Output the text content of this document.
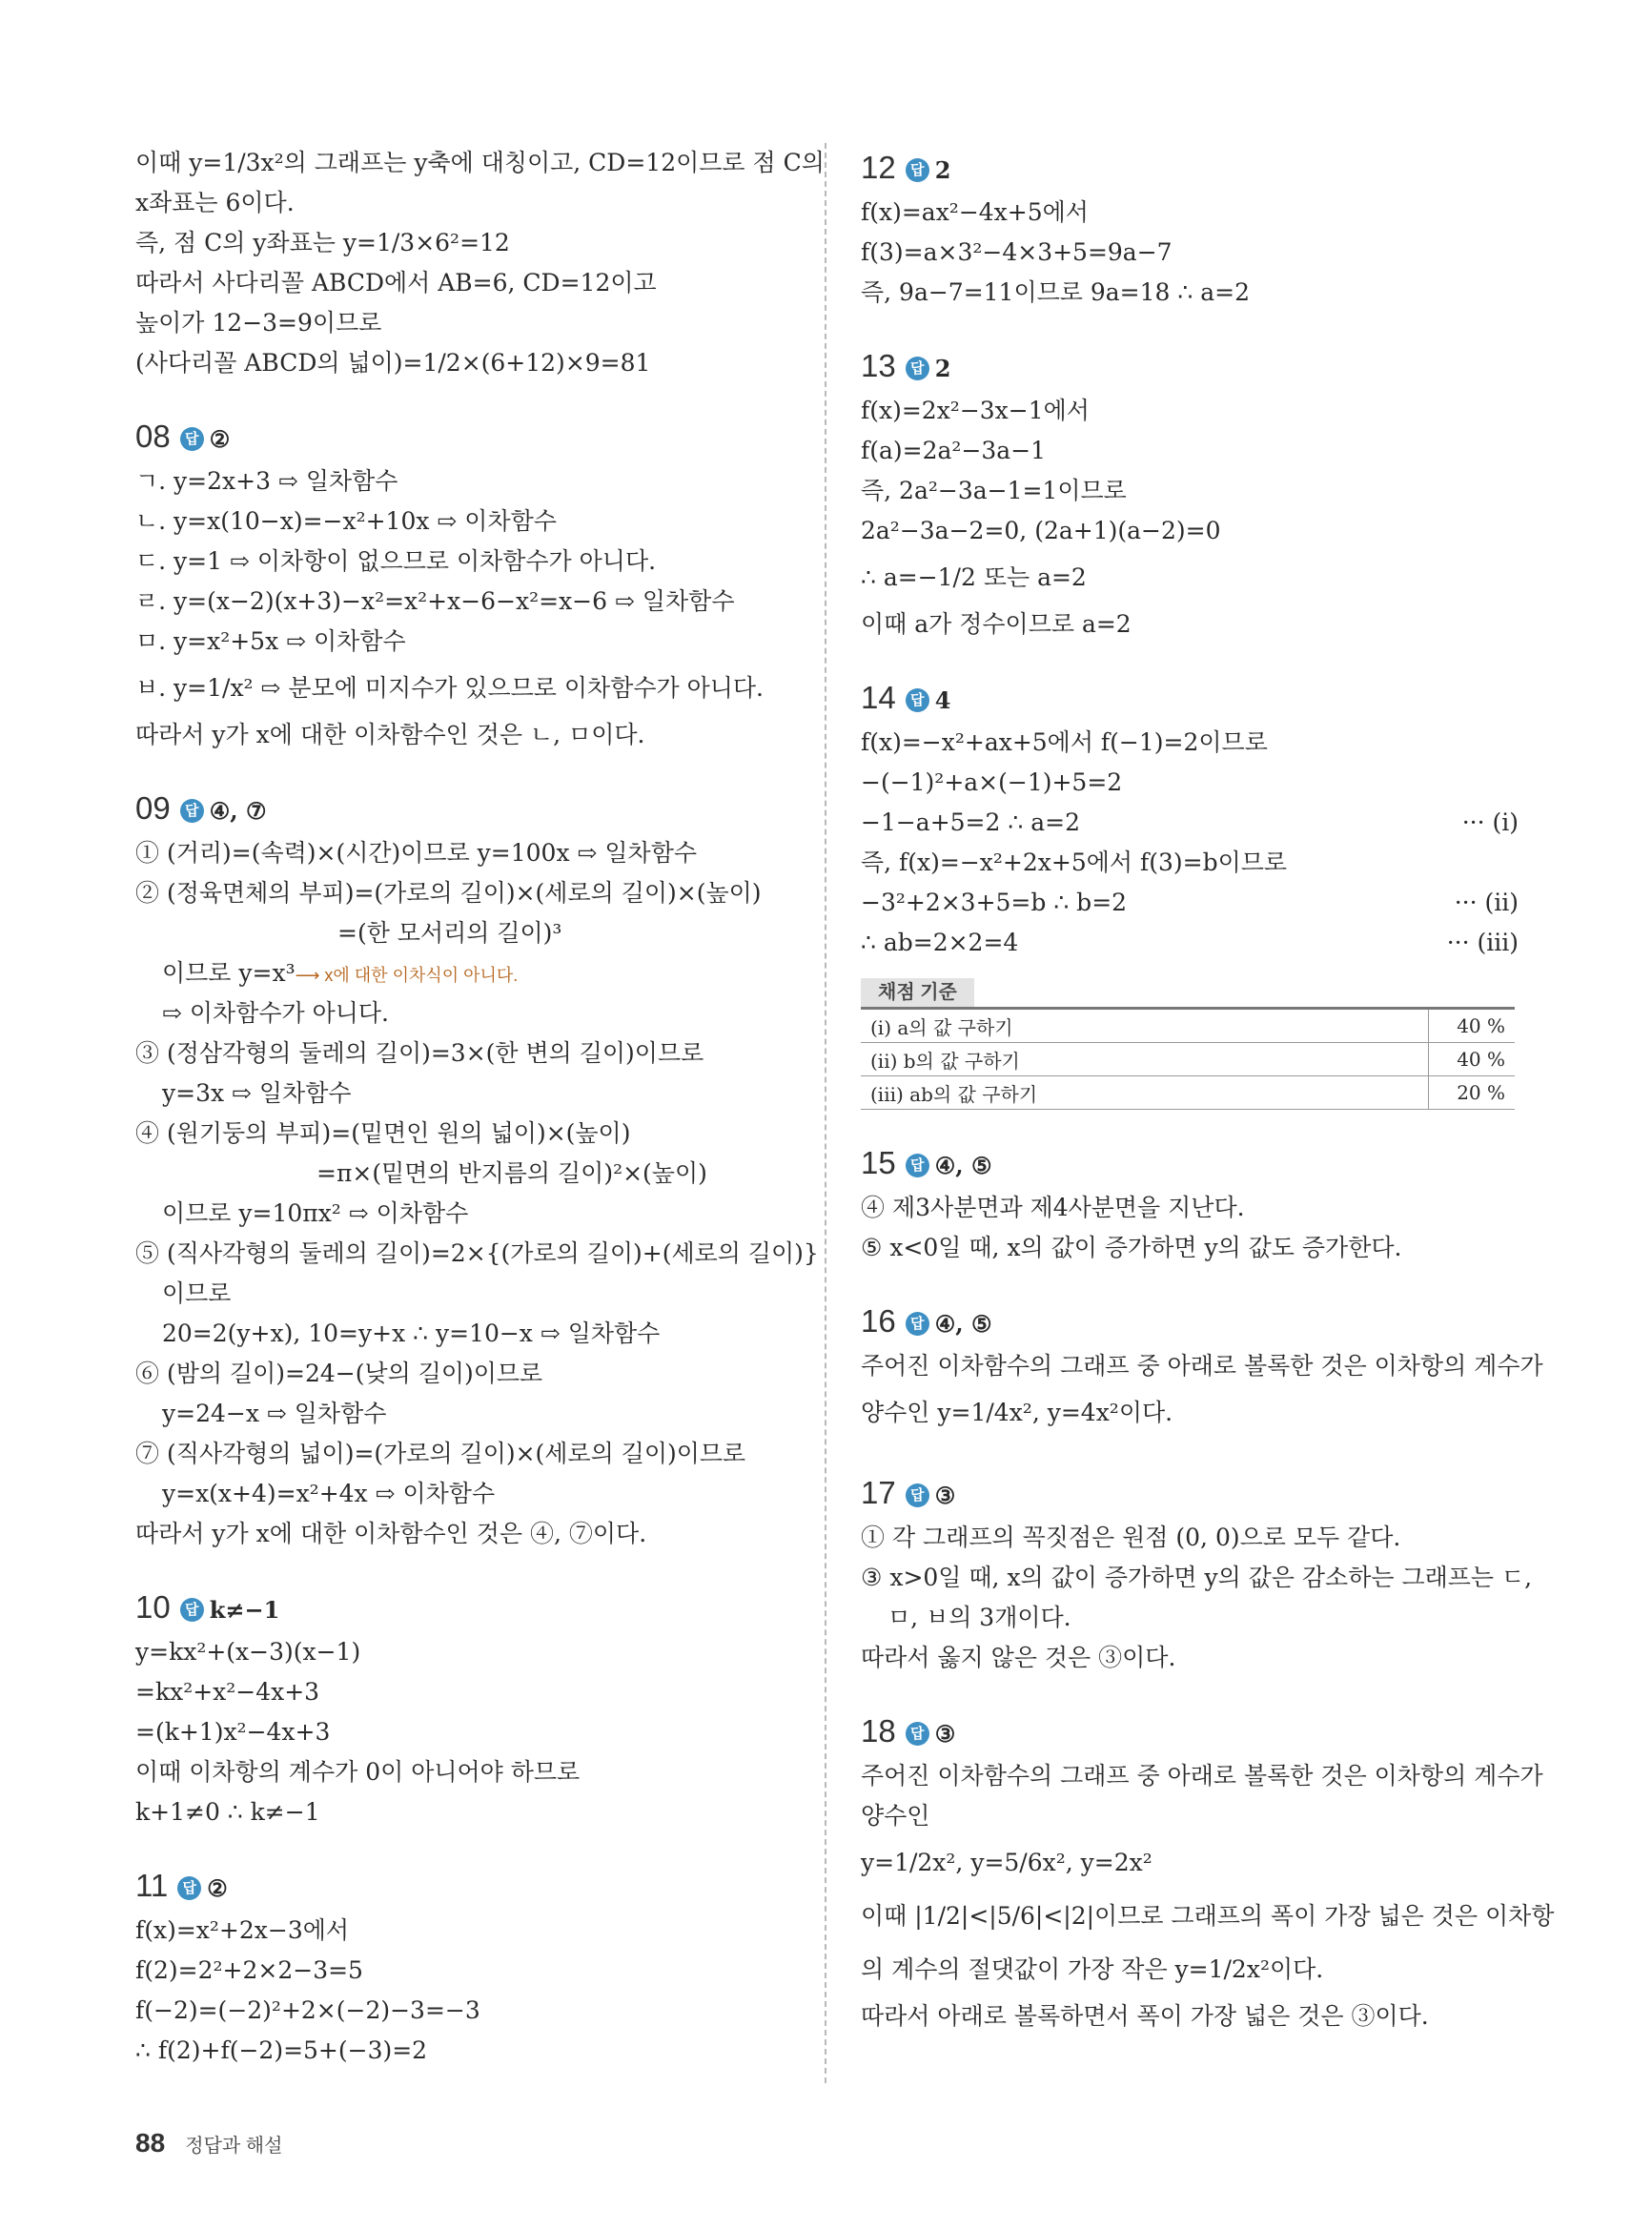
이때 y=1/3x²의 그래프는 y축에 대칭이고, CD=12이므로 점 C의
x좌표는 6이다.
즉, 점 C의 y좌표는 y=1/3×6²=12
따라서 사다리꼴 ABCD에서 AB=6, CD=12이고
높이가 12−3=9이므로
(사다리꼴 ABCD의 넓이)=1/2×(6+12)×9=81
08 답 ②
ㄱ. y=2x+3 ⇨ 일차함수
ㄴ. y=x(10−x)=−x²+10x ⇨ 이차함수
ㄷ. y=1 ⇨ 이차항이 없으므로 이차함수가 아니다.
ㄹ. y=(x−2)(x+3)−x²=x²+x−6−x²=x−6 ⇨ 일차함수
ㅁ. y=x²+5x ⇨ 이차함수
ㅂ. y=1/x² ⇨ 분모에 미지수가 있으므로 이차함수가 아니다.
따라서 y가 x에 대한 이차함수인 것은 ㄴ, ㅁ이다.
09 답 ④, ⑦
① (거리)=(속력)×(시간)이므로 y=100x ⇨ 일차함수
② (정육면체의 부피)=(가로의 길이)×(세로의 길이)×(높이)
=(한 모서리의 길이)³
이므로 y=x³⟶ x에 대한 이차식이 아니다.
⇨ 이차함수가 아니다.
③ (정삼각형의 둘레의 길이)=3×(한 변의 길이)이므로
y=3x ⇨ 일차함수
④ (원기둥의 부피)=(밑면인 원의 넓이)×(높이)
=π×(밑면의 반지름의 길이)²×(높이)
이므로 y=10πx² ⇨ 이차함수
⑤ (직사각형의 둘레의 길이)=2×{(가로의 길이)+(세로의 길이)}
이므로
20=2(y+x), 10=y+x ∴ y=10−x ⇨ 일차함수
⑥ (밤의 길이)=24−(낮의 길이)이므로
y=24−x ⇨ 일차함수
⑦ (직사각형의 넓이)=(가로의 길이)×(세로의 길이)이므로
y=x(x+4)=x²+4x ⇨ 이차함수
따라서 y가 x에 대한 이차함수인 것은 ④, ⑦이다.
10 답 k≠−1
y=kx²+(x−3)(x−1)
=kx²+x²−4x+3
=(k+1)x²−4x+3
이때 이차항의 계수가 0이 아니어야 하므로
k+1≠0 ∴ k≠−1
11 답 ②
f(x)=x²+2x−3에서
f(2)=2²+2×2−3=5
f(−2)=(−2)²+2×(−2)−3=−3
∴ f(2)+f(−2)=5+(−3)=2
12 답 2
f(x)=ax²−4x+5에서
f(3)=a×3²−4×3+5=9a−7
즉, 9a−7=11이므로 9a=18 ∴ a=2
13 답 2
f(x)=2x²−3x−1에서
f(a)=2a²−3a−1
즉, 2a²−3a−1=1이므로
2a²−3a−2=0, (2a+1)(a−2)=0
∴ a=−1/2 또는 a=2
이때 a가 정수이므로 a=2
14 답 4
f(x)=−x²+ax+5에서 f(−1)=2이므로
−(−1)²+a×(−1)+5=2
−1−a+5=2 ∴ a=2	··· (i)
즉, f(x)=−x²+2x+5에서 f(3)=b이므로
−3²+2×3+5=b ∴ b=2	··· (ii)
∴ ab=2×2=4	··· (iii)
채점 기준
(i) a의 값 구하기	40 %
(ii) b의 값 구하기	40 %
(iii) ab의 값 구하기	20 %
15 답 ④, ⑤
④ 제3사분면과 제4사분면을 지난다.
⑤ x<0일 때, x의 값이 증가하면 y의 값도 증가한다.
16 답 ④, ⑤
주어진 이차함수의 그래프 중 아래로 볼록한 것은 이차항의 계수가
양수인 y=1/4x², y=4x²이다.
17 답 ③
① 각 그래프의 꼭짓점은 원점 (0, 0)으로 모두 같다.
③ x>0일 때, x의 값이 증가하면 y의 값은 감소하는 그래프는 ㄷ,
ㅁ, ㅂ의 3개이다.
따라서 옳지 않은 것은 ③이다.
18 답 ③
주어진 이차함수의 그래프 중 아래로 볼록한 것은 이차항의 계수가
양수인
y=1/2x², y=5/6x², y=2x²
이때 |1/2|<|5/6|<|2|이므로 그래프의 폭이 가장 넓은 것은 이차항
의 계수의 절댓값이 가장 작은 y=1/2x²이다.
따라서 아래로 볼록하면서 폭이 가장 넓은 것은 ③이다.
88 정답과 해설
